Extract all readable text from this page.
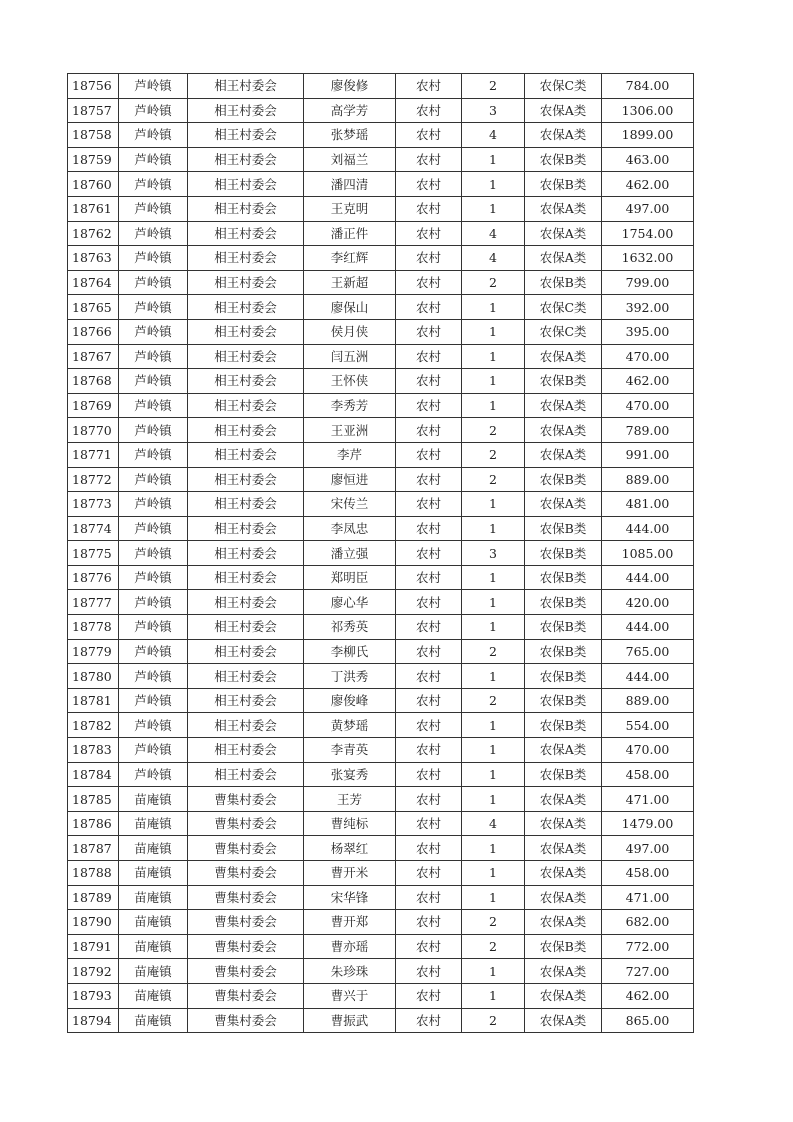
18756	芦岭镇	相王村委会	廖俊修	农村	2	农保C类	784.00
18757	芦岭镇	相王村委会	高学芳	农村	3	农保A类	1306.00
18758	芦岭镇	相王村委会	张梦瑶	农村	4	农保A类	1899.00
18759	芦岭镇	相王村委会	刘福兰	农村	1	农保B类	463.00
18760	芦岭镇	相王村委会	潘四清	农村	1	农保B类	462.00
18761	芦岭镇	相王村委会	王克明	农村	1	农保A类	497.00
18762	芦岭镇	相王村委会	潘正件	农村	4	农保A类	1754.00
18763	芦岭镇	相王村委会	李红辉	农村	4	农保A类	1632.00
18764	芦岭镇	相王村委会	王新超	农村	2	农保B类	799.00
18765	芦岭镇	相王村委会	廖保山	农村	1	农保C类	392.00
18766	芦岭镇	相王村委会	侯月侠	农村	1	农保C类	395.00
18767	芦岭镇	相王村委会	闫五洲	农村	1	农保A类	470.00
18768	芦岭镇	相王村委会	王怀侠	农村	1	农保B类	462.00
18769	芦岭镇	相王村委会	李秀芳	农村	1	农保A类	470.00
18770	芦岭镇	相王村委会	王亚洲	农村	2	农保A类	789.00
18771	芦岭镇	相王村委会	李芹	农村	2	农保A类	991.00
18772	芦岭镇	相王村委会	廖恒进	农村	2	农保B类	889.00
18773	芦岭镇	相王村委会	宋传兰	农村	1	农保A类	481.00
18774	芦岭镇	相王村委会	李凤忠	农村	1	农保B类	444.00
18775	芦岭镇	相王村委会	潘立强	农村	3	农保B类	1085.00
18776	芦岭镇	相王村委会	郑明臣	农村	1	农保B类	444.00
18777	芦岭镇	相王村委会	廖心华	农村	1	农保B类	420.00
18778	芦岭镇	相王村委会	祁秀英	农村	1	农保B类	444.00
18779	芦岭镇	相王村委会	李柳氏	农村	2	农保B类	765.00
18780	芦岭镇	相王村委会	丁洪秀	农村	1	农保B类	444.00
18781	芦岭镇	相王村委会	廖俊峰	农村	2	农保B类	889.00
18782	芦岭镇	相王村委会	黄梦瑶	农村	1	农保B类	554.00
18783	芦岭镇	相王村委会	李青英	农村	1	农保A类	470.00
18784	芦岭镇	相王村委会	张宴秀	农村	1	农保B类	458.00
18785	苗庵镇	曹集村委会	王芳	农村	1	农保A类	471.00
18786	苗庵镇	曹集村委会	曹纯标	农村	4	农保A类	1479.00
18787	苗庵镇	曹集村委会	杨翠红	农村	1	农保A类	497.00
18788	苗庵镇	曹集村委会	曹开米	农村	1	农保A类	458.00
18789	苗庵镇	曹集村委会	宋华锋	农村	1	农保A类	471.00
18790	苗庵镇	曹集村委会	曹开郑	农村	2	农保A类	682.00
18791	苗庵镇	曹集村委会	曹亦瑶	农村	2	农保B类	772.00
18792	苗庵镇	曹集村委会	朱珍珠	农村	1	农保A类	727.00
18793	苗庵镇	曹集村委会	曹兴于	农村	1	农保A类	462.00
18794	苗庵镇	曹集村委会	曹振武	农村	2	农保A类	865.00
